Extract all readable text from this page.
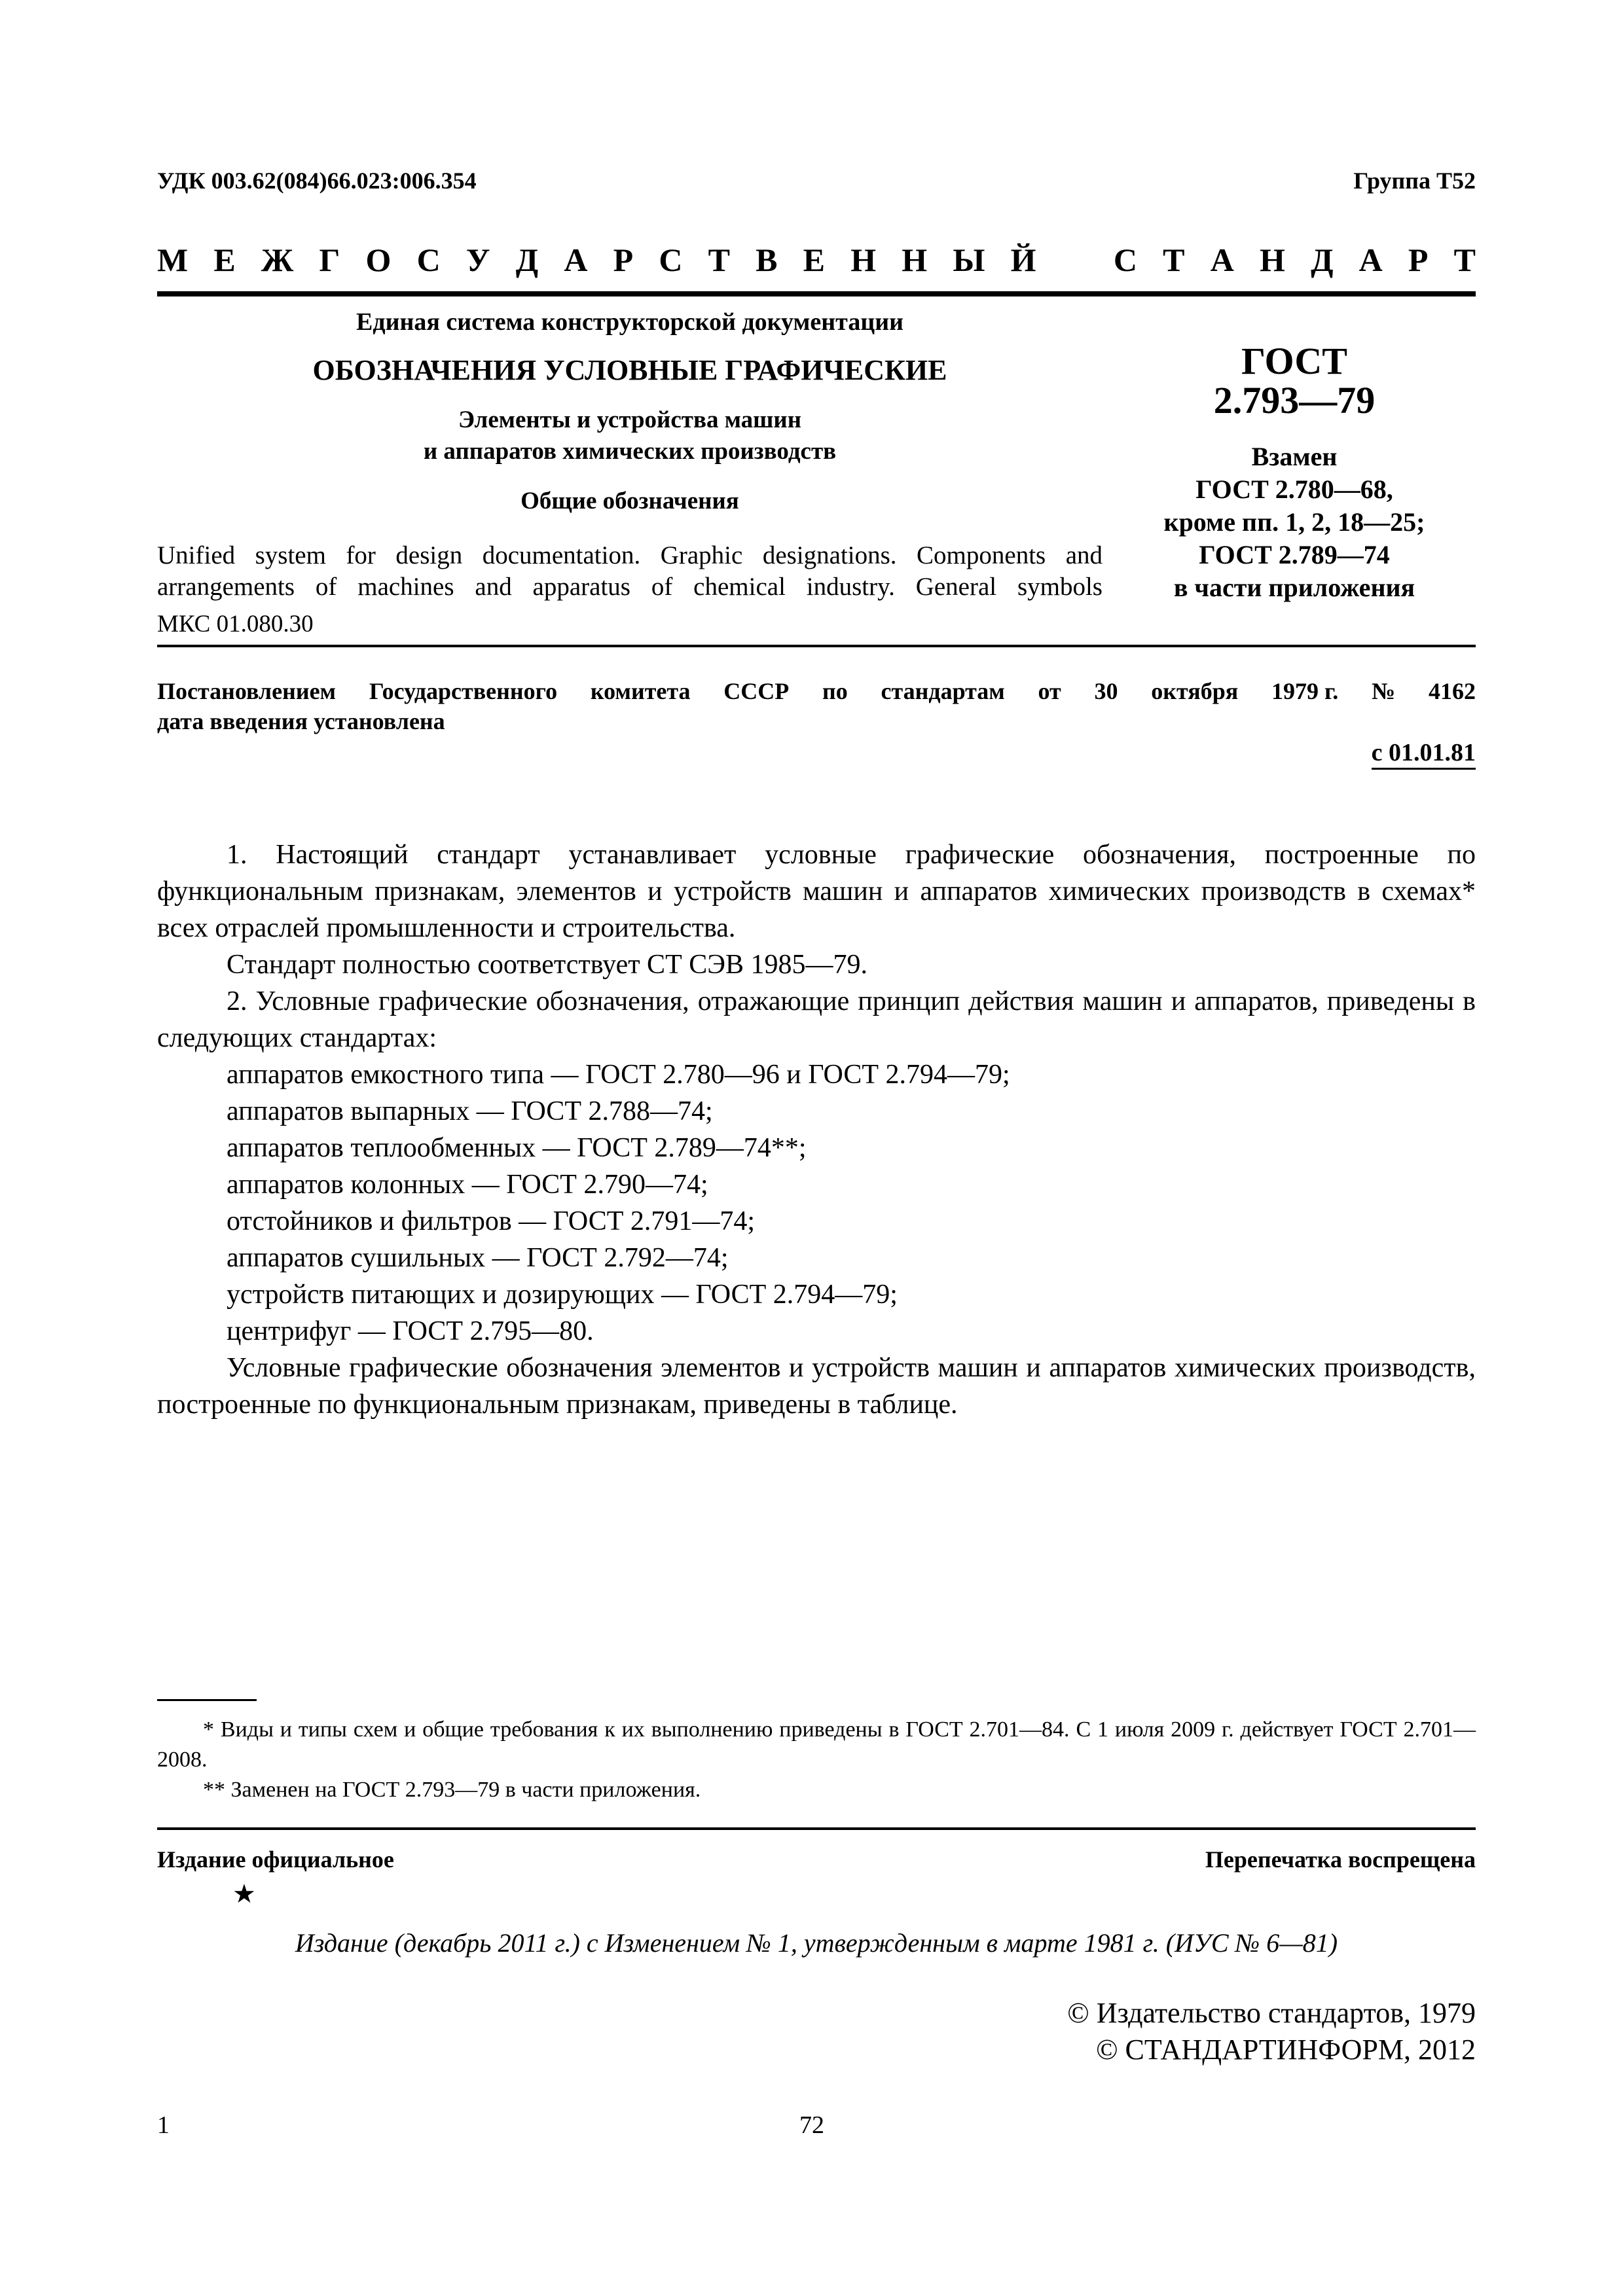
УДК 003.62(084)66.023:006.354	Группа Т52
М Е Ж Г О С У Д А Р С Т В Е Н Н Ы Й С Т А Н Д А Р Т
Единая система конструкторской документации
ОБОЗНАЧЕНИЯ УСЛОВНЫЕ ГРАФИЧЕСКИЕ
Элементы и устройства машин
и аппаратов химических производств
Общие обозначения
Unified system for design documentation. Graphic designations. Components and
arrangements of machines and apparatus of chemical industry. General symbols
МКС 01.080.30
ГОСТ
2.793—79
Взамен
ГОСТ 2.780—68,
кроме пп. 1, 2, 18—25;
ГОСТ 2.789—74
в части приложения
Постановлением Государственного комитета СССР по стандартам от 30 октября 1979 г. № 4162
дата введения установлена
с 01.01.81

1. Настоящий стандарт устанавливает условные графические обозначения, построенные по функциональным признакам, элементов и устройств машин и аппаратов химических производств в схемах* всех отраслей промышленности и строительства.

Стандарт полностью соответствует СТ СЭВ 1985—79.

2. Условные графические обозначения, отражающие принцип действия машин и аппаратов, приведены в следующих стандартах:

аппаратов емкостного типа — ГОСТ 2.780—96 и ГОСТ 2.794—79;

аппаратов выпарных — ГОСТ 2.788—74;

аппаратов теплообменных — ГОСТ 2.789—74**;

аппаратов колонных — ГОСТ 2.790—74;

отстойников и фильтров — ГОСТ 2.791—74;

аппаратов сушильных — ГОСТ 2.792—74;

устройств питающих и дозирующих — ГОСТ 2.794—79;

центрифуг — ГОСТ 2.795—80.

Условные графические обозначения элементов и устройств машин и аппаратов химических производств, построенные по функциональным признакам, приведены в таблице.

* Виды и типы схем и общие требования к их выполнению приведены в ГОСТ 2.701—84. С 1 июля 2009 г. действует ГОСТ 2.701—2008.

** Заменен на ГОСТ 2.793—79 в части приложения.

Издание официальное	Перепечатка воспрещена
★
Издание (декабрь 2011 г.) с Изменением № 1, утвержденным в марте 1981 г. (ИУС № 6—81)
© Издательство стандартов, 1979
© СТАНДАРТИНФОРМ, 2012
1	72
